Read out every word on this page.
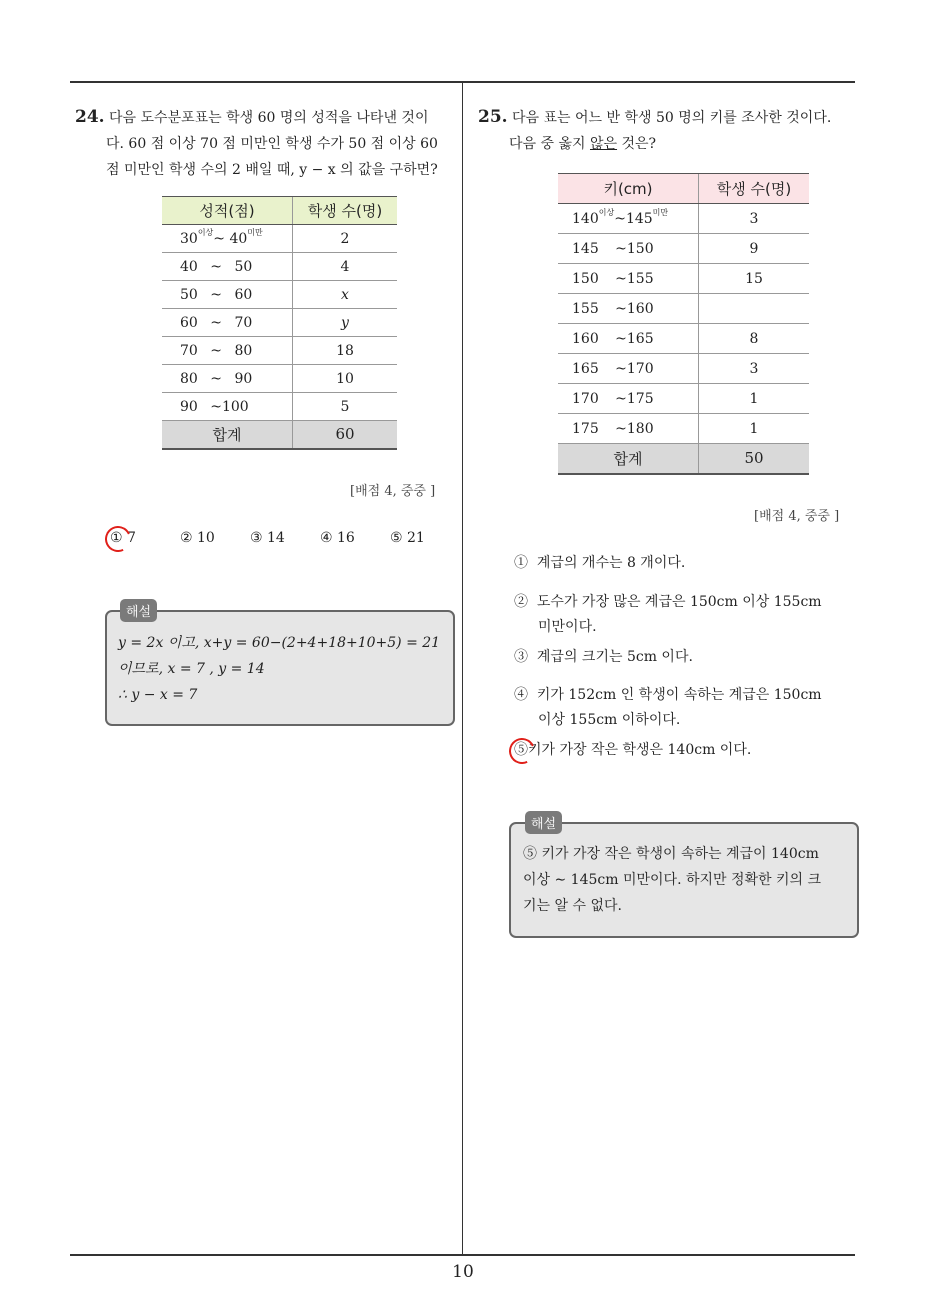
24. 다음 도수분포표는 학생 60 명의 성적을 나타낸 것이
다. 60 점 이상 70 점 미만인 학생 수가 50 점 이상 60
점 미만인 학생 수의 2 배일 때, y − x 의 값을 구하면?
성적(점)	학생 수(명)
$30^{이상}\sim$ $40^{미만}$	2
40 ~ 50	4
50 ~ 60	x
60 ~ 70	y
70 ~ 80	18
80 ~ 90	10
90 ~100	5
합계	60
[배점 4, 중중 ]
① 7	② 10	③ 14	④ 16	⑤ 21
해설
y = 2x 이고, x+y = 60−(2+4+18+10+5) = 21
이므로, x = 7 , y = 14
∴ y − x = 7
25. 다음 표는 어느 반 학생 50 명의 키를 조사한 것이다.
다음 중 옳지 않은 것은?
키(cm)	학생 수(명)
$140^{이상}\sim 145^{미만}$	3
145 ~150	9
150 ~155	15
155 ~160	
160 ~165	8
165 ~170	3
170 ~175	1
175 ~180	1
합계	50
[배점 4, 중중 ]
① 계급의 개수는 8 개이다.
② 도수가 가장 많은 계급은 150cm 이상 155cm
미만이다.
③ 계급의 크기는 5cm 이다.
④ 키가 152cm 인 학생이 속하는 계급은 150cm
이상 155cm 이하이다.
⑤키가 가장 작은 학생은 140cm 이다.
해설
⑤ 키가 가장 작은 학생이 속하는 계급이 140cm
이상 ∼ 145cm 미만이다. 하지만 정확한 키의 크
기는 알 수 없다.
10
